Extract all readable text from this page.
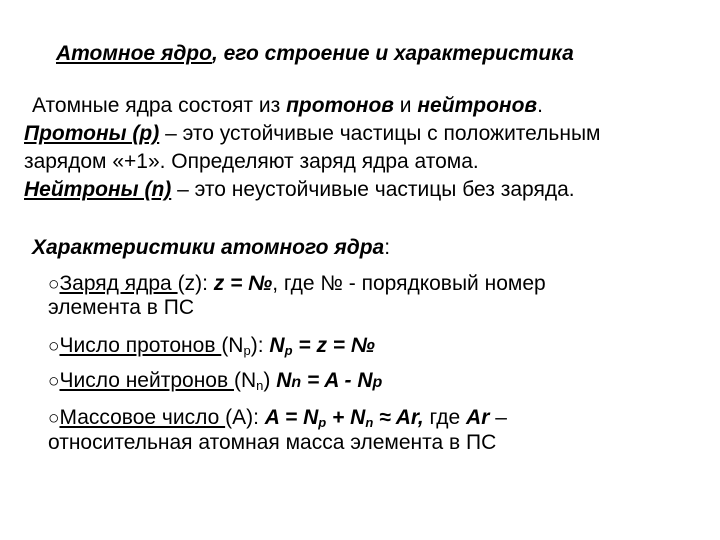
Атомное ядро, его строение и характеристика
Атомные ядра состоят из протонов и нейтронов.
Протоны (p) – это устойчивые частицы с положительным
зарядом «+1». Определяют заряд ядра атома.
Нейтроны (n) – это неустойчивые частицы без заряда.
Характеристики атомного ядра:
○Заряд ядра (z): z = №, где № - порядковый номер
элемента в ПС
○Число протонов $(N_p)$: $N_p = z$ = №
○Число нейтронов $(N_n) Nn = A - Np$
○Массовое число (A): $A = N_p + N_n \approx Ar$, где Ar –
относительная атомная масса элемента в ПС
